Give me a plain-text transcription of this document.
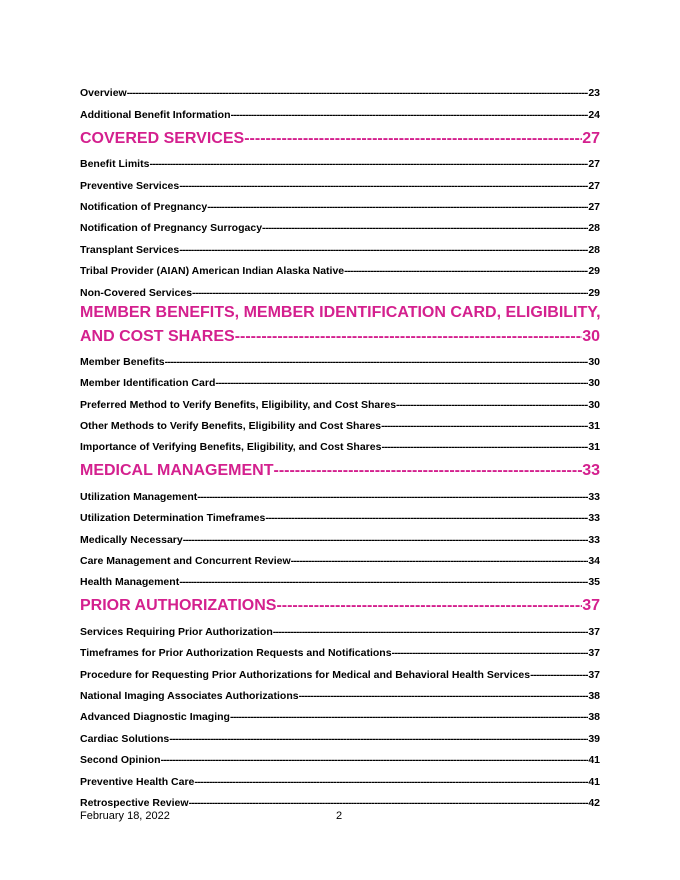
Overview -----	23
Additional Benefit Information -----	24
COVERED SERVICES -----	27
Benefit Limits -----	27
Preventive Services -----	27
Notification of Pregnancy -----	27
Notification of Pregnancy Surrogacy -----	28
Transplant Services -----	28
Tribal Provider (AIAN) American Indian Alaska Native -----	29
Non-Covered Services -----	29
MEMBER BENEFITS, MEMBER IDENTIFICATION CARD, ELIGIBILITY,
AND COST SHARES -----	30
Member Benefits -----	30
Member Identification Card -----	30
Preferred Method to Verify Benefits, Eligibility, and Cost Shares -----	30
Other Methods to Verify Benefits, Eligibility and Cost Shares -----	31
Importance of Verifying Benefits, Eligibility, and Cost Shares -----	31
MEDICAL MANAGEMENT -----	33
Utilization Management -----	33
Utilization Determination Timeframes -----	33
Medically Necessary -----	33
Care Management and Concurrent Review -----	34
Health Management -----	35
PRIOR AUTHORIZATIONS -----	37
Services Requiring Prior Authorization -----	37
Timeframes for Prior Authorization Requests and Notifications -----	37
Procedure for Requesting Prior Authorizations for Medical and Behavioral Health Services -----	37
National Imaging Associates Authorizations -----	38
Advanced Diagnostic Imaging -----	38
Cardiac Solutions -----	39
Second Opinion -----	41
Preventive Health Care -----	41
Retrospective Review -----	42
February 18, 2022	2
